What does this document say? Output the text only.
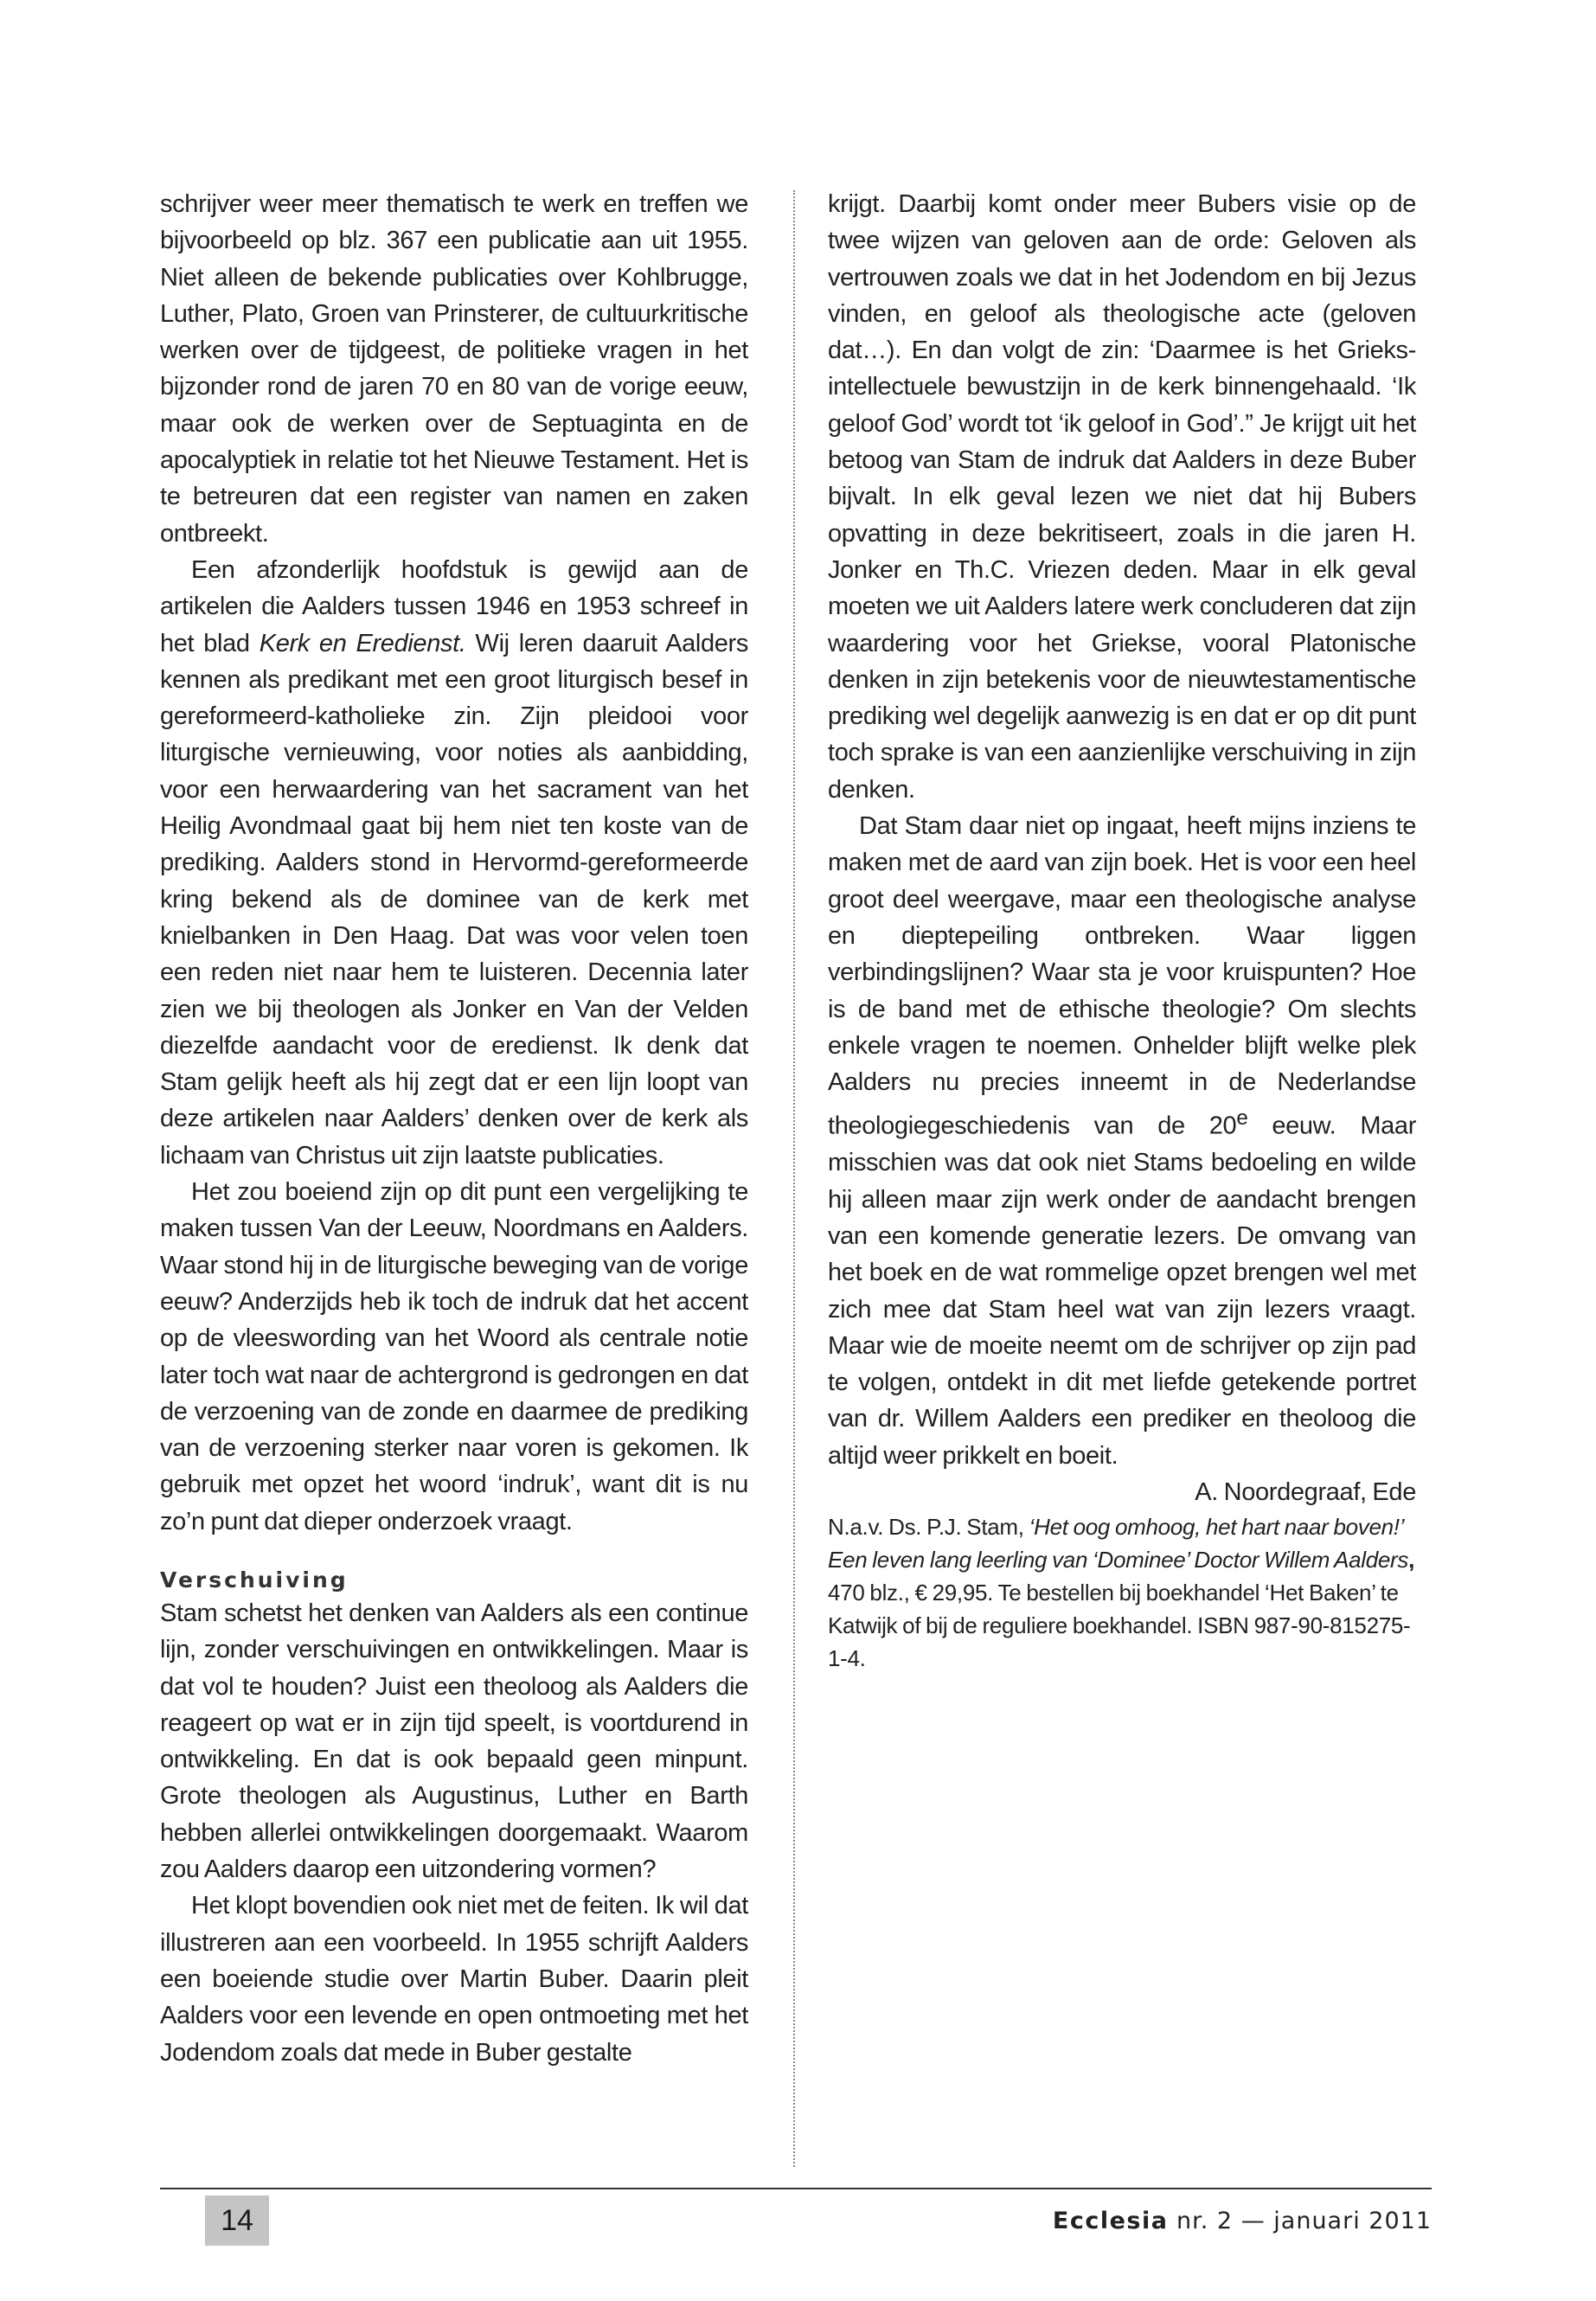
schrijver weer meer thematisch te werk en treffen we bijvoorbeeld op blz. 367 een publicatie aan uit 1955. Niet alleen de bekende publicaties over Kohlbrugge, Luther, Plato, Groen van Prinsterer, de cultuurkritische werken over de tijdgeest, de politieke vragen in het bijzonder rond de jaren 70 en 80 van de vorige eeuw, maar ook de werken over de Septuaginta en de apocalyptiek in relatie tot het Nieuwe Testament. Het is te betreuren dat een register van namen en zaken ontbreekt.

Een afzonderlijk hoofdstuk is gewijd aan de artikelen die Aalders tussen 1946 en 1953 schreef in het blad Kerk en Eredienst. Wij leren daaruit Aalders kennen als predikant met een groot liturgisch besef in gereformeerd-katholieke zin. Zijn pleidooi voor liturgische vernieuwing, voor noties als aanbidding, voor een herwaardering van het sacrament van het Heilig Avondmaal gaat bij hem niet ten koste van de prediking. Aalders stond in Hervormd-gereformeerde kring bekend als de dominee van de kerk met knielbanken in Den Haag. Dat was voor velen toen een reden niet naar hem te luisteren. Decennia later zien we bij theologen als Jonker en Van der Velden diezelfde aandacht voor de eredienst. Ik denk dat Stam gelijk heeft als hij zegt dat er een lijn loopt van deze artikelen naar Aalders’ denken over de kerk als lichaam van Christus uit zijn laatste publicaties.

Het zou boeiend zijn op dit punt een vergelijking te maken tussen Van der Leeuw, Noordmans en Aalders. Waar stond hij in de liturgische beweging van de vorige eeuw? Anderzijds heb ik toch de indruk dat het accent op de vleeswording van het Woord als centrale notie later toch wat naar de achtergrond is gedrongen en dat de verzoening van de zonde en daarmee de prediking van de verzoening sterker naar voren is gekomen. Ik gebruik met opzet het woord ‘indruk’, want dit is nu zo’n punt dat dieper onderzoek vraagt.

Verschuiving

Stam schetst het denken van Aalders als een continue lijn, zonder verschuivingen en ontwikkelingen. Maar is dat vol te houden? Juist een theoloog als Aalders die reageert op wat er in zijn tijd speelt, is voortdurend in ontwikkeling. En dat is ook bepaald geen minpunt. Grote theologen als Augustinus, Luther en Barth hebben allerlei ontwikkelingen doorgemaakt. Waarom zou Aalders daarop een uitzondering vormen?

Het klopt bovendien ook niet met de feiten. Ik wil dat illustreren aan een voorbeeld. In 1955 schrijft Aalders een boeiende studie over Martin Buber. Daarin pleit Aalders voor een levende en open ontmoeting met het Jodendom zoals dat mede in Buber gestalte

krijgt. Daarbij komt onder meer Bubers visie op de twee wijzen van geloven aan de orde: Geloven als vertrouwen zoals we dat in het Jodendom en bij Jezus vinden, en geloof als theologische acte (geloven dat…). En dan volgt de zin: ‘Daarmee is het Grieks-intellectuele bewustzijn in de kerk binnengehaald. ‘Ik geloof God’ wordt tot ‘ik geloof in God’.” Je krijgt uit het betoog van Stam de indruk dat Aalders in deze Buber bijvalt. In elk geval lezen we niet dat hij Bubers opvatting in deze bekritiseert, zoals in die jaren H. Jonker en Th.C. Vriezen deden. Maar in elk geval moeten we uit Aalders latere werk concluderen dat zijn waardering voor het Griekse, vooral Platonische denken in zijn betekenis voor de nieuwtestamentische prediking wel degelijk aanwezig is en dat er op dit punt toch sprake is van een aanzienlijke verschuiving in zijn denken.

Dat Stam daar niet op ingaat, heeft mijns inziens te maken met de aard van zijn boek. Het is voor een heel groot deel weergave, maar een theologische analyse en dieptepeiling ontbreken. Waar liggen verbindingslijnen? Waar sta je voor kruispunten? Hoe is de band met de ethische theologie? Om slechts enkele vragen te noemen. Onhelder blijft welke plek Aalders nu precies inneemt in de Nederlandse theologiegeschiedenis van de 20e eeuw. Maar misschien was dat ook niet Stams bedoeling en wilde hij alleen maar zijn werk onder de aandacht brengen van een komende generatie lezers. De omvang van het boek en de wat rommelige opzet brengen wel met zich mee dat Stam heel wat van zijn lezers vraagt. Maar wie de moeite neemt om de schrijver op zijn pad te volgen, ontdekt in dit met liefde getekende portret van dr. Willem Aalders een prediker en theoloog die altijd weer prikkelt en boeit.

A. Noordegraaf, Ede

N.a.v. Ds. P.J. Stam, ‘Het oog omhoog, het hart naar boven!’ Een leven lang leerling van ‘Dominee’ Doctor Willem Aalders, 470 blz., € 29,95. Te bestellen bij boekhandel ‘Het Baken’ te Katwijk of bij de reguliere boekhandel. ISBN 987-90-815275-1-4.

14	Ecclesia nr. 2 — januari 2011
